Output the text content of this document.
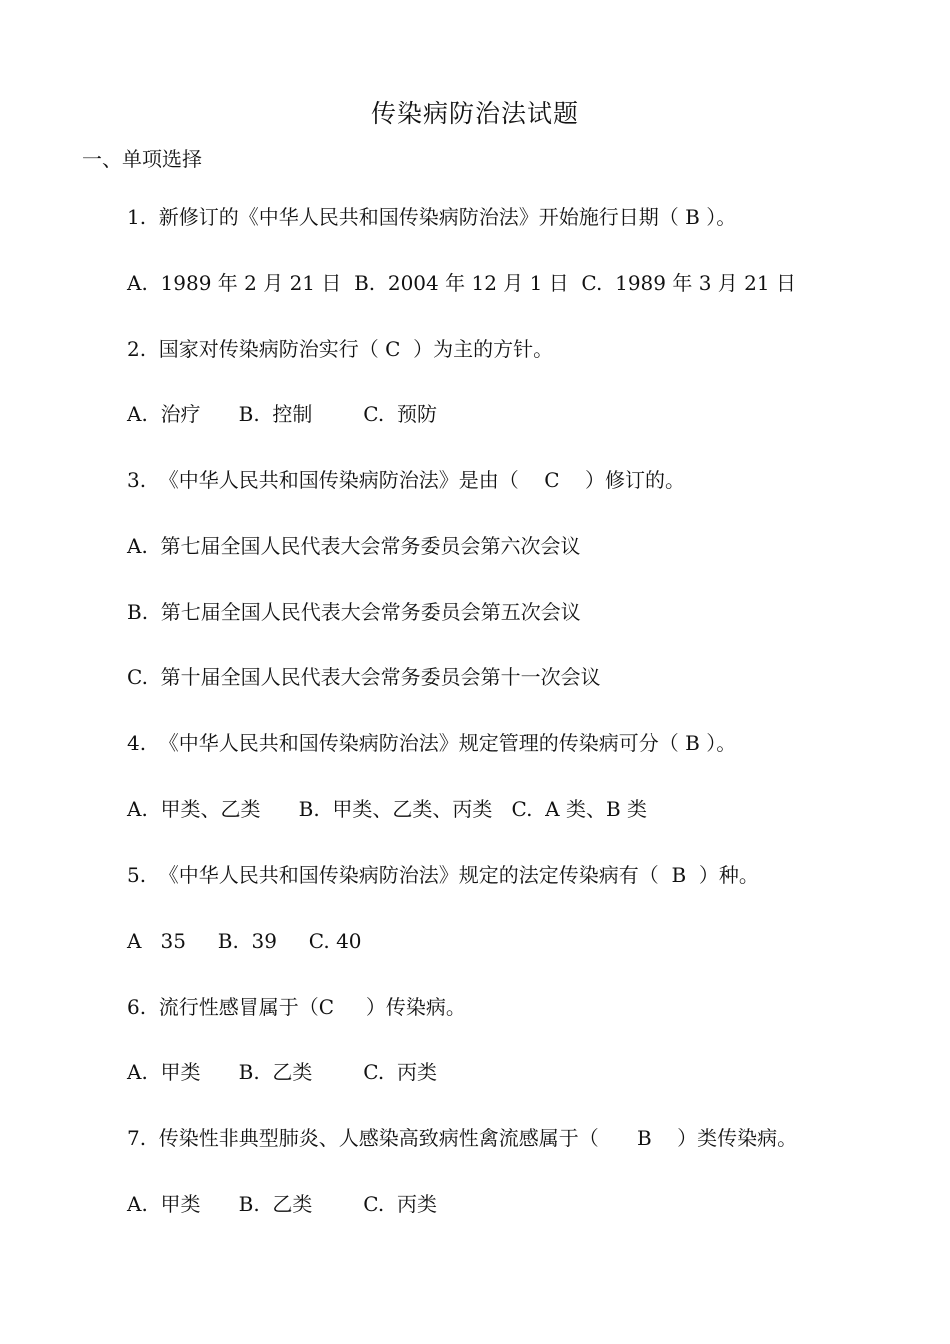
传染病防治法试题
一、单项选择
1.  新修订的《中华人民共和国传染病防治法》开始施行日期（ B ）。
A.  1989 年 2 月 21 日  B.  2004 年 12 月 1 日  C.  1989 年 3 月 21 日
2.  国家对传染病防治实行（ C  ）为主的方针。
A.  治疗      B.  控制        C.  预防
3.  《中华人民共和国传染病防治法》是由（    C    ）修订的。
A.  第七届全国人民代表大会常务委员会第六次会议
B.  第七届全国人民代表大会常务委员会第五次会议
C.  第十届全国人民代表大会常务委员会第十一次会议
4.  《中华人民共和国传染病防治法》规定管理的传染病可分（ B ）。
A.  甲类、乙类      B.  甲类、乙类、丙类   C.  A 类、B 类
5.  《中华人民共和国传染病防治法》规定的法定传染病有（  B  ）种。
A   35     B.  39     C. 40
6.  流行性感冒属于（C     ）传染病。
A.  甲类      B.  乙类        C.  丙类
7.  传染性非典型肺炎、人感染高致病性禽流感属于（      B    ）类传染病。
A.  甲类      B.  乙类        C.  丙类
